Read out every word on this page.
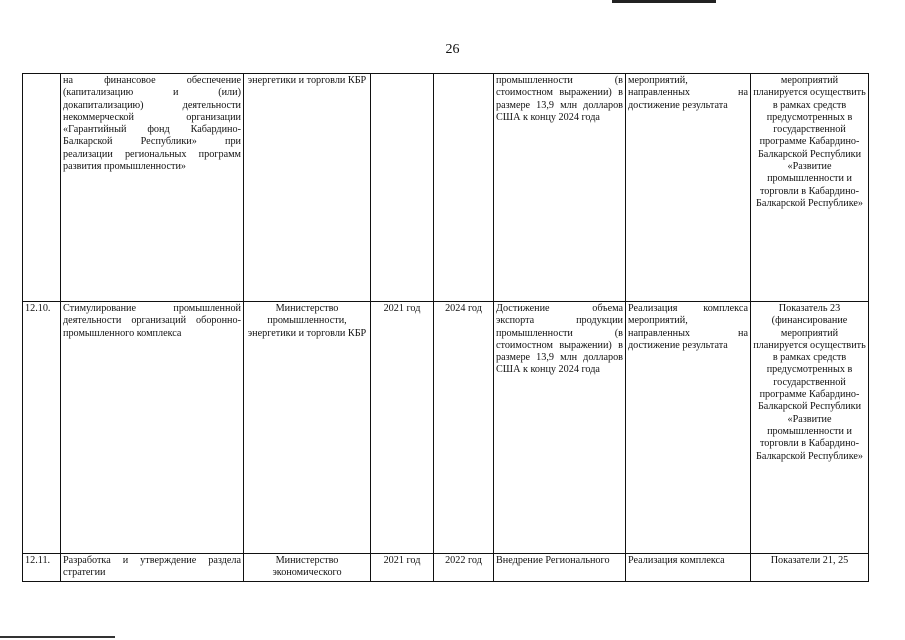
26
	на финансовое обеспечение (капитализацию и (или) докапитализацию) деятельности некоммерческой организации «Гарантийный фонд Кабардино-Балкарской Республики» при реализации региональных программ развития промышленности»	энергетики и торговли КБР			промышленности (в стоимостном выражении) в размере 13,9 млн долларов США к концу 2024 года	мероприятий, направленных на достижение результата	мероприятий планируется осуществить в рамках средств предусмотренных в государственной программе Кабардино-Балкарской Республики «Развитие промышленности и торговли в Кабардино-Балкарской Республике»
12.10.	Стимулирование промышленной деятельности организаций оборонно-промышленного комплекса	Министерство промышленности, энергетики и торговли КБР	2021 год	2024 год	Достижение объема экспорта продукции промышленности (в стоимостном выражении) в размере 13,9 млн долларов США к концу 2024 года	Реализация комплекса мероприятий, направленных на достижение результата	Показатель 23 (финансирование мероприятий планируется осуществить в рамках средств предусмотренных в государственной программе Кабардино-Балкарской Республики «Развитие промышленности и торговли в Кабардино-Балкарской Республике»
12.11.	Разработка и утверждение раздела стратегии	Министерство экономического	2021 год	2022 год	Внедрение Регионального	Реализация комплекса	Показатели 21, 25
